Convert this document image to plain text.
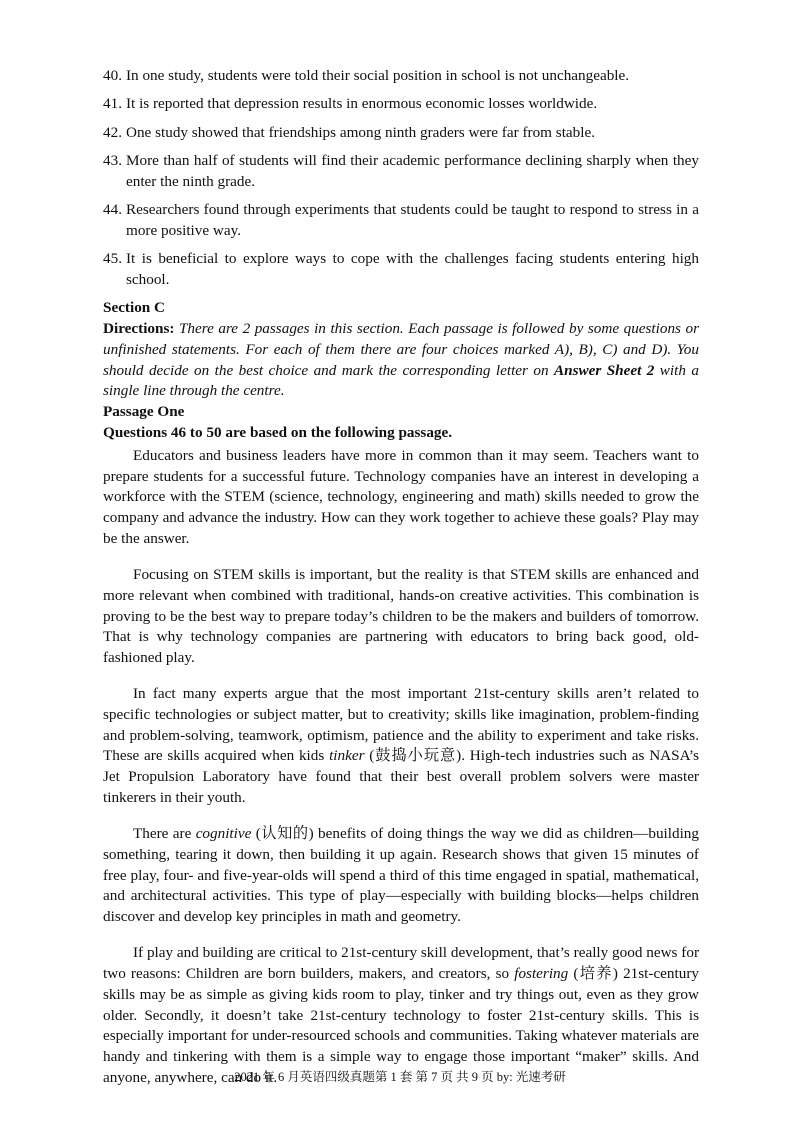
40. In one study, students were told their social position in school is not unchangeable.
41. It is reported that depression results in enormous economic losses worldwide.
42. One study showed that friendships among ninth graders were far from stable.
43. More than half of students will find their academic performance declining sharply when they enter the ninth grade.
44. Researchers found through experiments that students could be taught to respond to stress in a more positive way.
45. It is beneficial to explore ways to cope with the challenges facing students entering high school.
Section C
Directions: There are 2 passages in this section. Each passage is followed by some questions or unfinished statements. For each of them there are four choices marked A), B), C) and D). You should decide on the best choice and mark the corresponding letter on Answer Sheet 2 with a single line through the centre.
Passage One
Questions 46 to 50 are based on the following passage.

Educators and business leaders have more in common than it may seem. Teachers want to prepare students for a successful future. Technology companies have an interest in developing a workforce with the STEM (science, technology, engineering and math) skills needed to grow the company and advance the industry. How can they work together to achieve these goals? Play may be the answer.

Focusing on STEM skills is important, but the reality is that STEM skills are enhanced and more relevant when combined with traditional, hands-on creative activities. This combination is proving to be the best way to prepare today’s children to be the makers and builders of tomorrow. That is why technology companies are partnering with educators to bring back good, old-fashioned play.

In fact many experts argue that the most important 21st-century skills aren’t related to specific technologies or subject matter, but to creativity; skills like imagination, problem-finding and problem-solving, teamwork, optimism, patience and the ability to experiment and take risks. These are skills acquired when kids tinker (鼓捣小玩意). High-tech industries such as NASA’s Jet Propulsion Laboratory have found that their best overall problem solvers were master tinkerers in their youth.

There are cognitive (认知的) benefits of doing things the way we did as children—building something, tearing it down, then building it up again. Research shows that given 15 minutes of free play, four- and five-year-olds will spend a third of this time engaged in spatial, mathematical, and architectural activities. This type of play—especially with building blocks—helps children discover and develop key principles in math and geometry.

If play and building are critical to 21st-century skill development, that’s really good news for two reasons: Children are born builders, makers, and creators, so fostering (培养) 21st-century skills may be as simple as giving kids room to play, tinker and try things out, even as they grow older. Secondly, it doesn’t take 21st-century technology to foster 21st-century skills. This is especially important for under-resourced schools and communities. Taking whatever materials are handy and tinkering with them is a simple way to engage those important “maker” skills. And anyone, anywhere, can do it.

2021 年 6 月英语四级真题第 1 套 第 7 页 共 9 页 by: 光速考研
